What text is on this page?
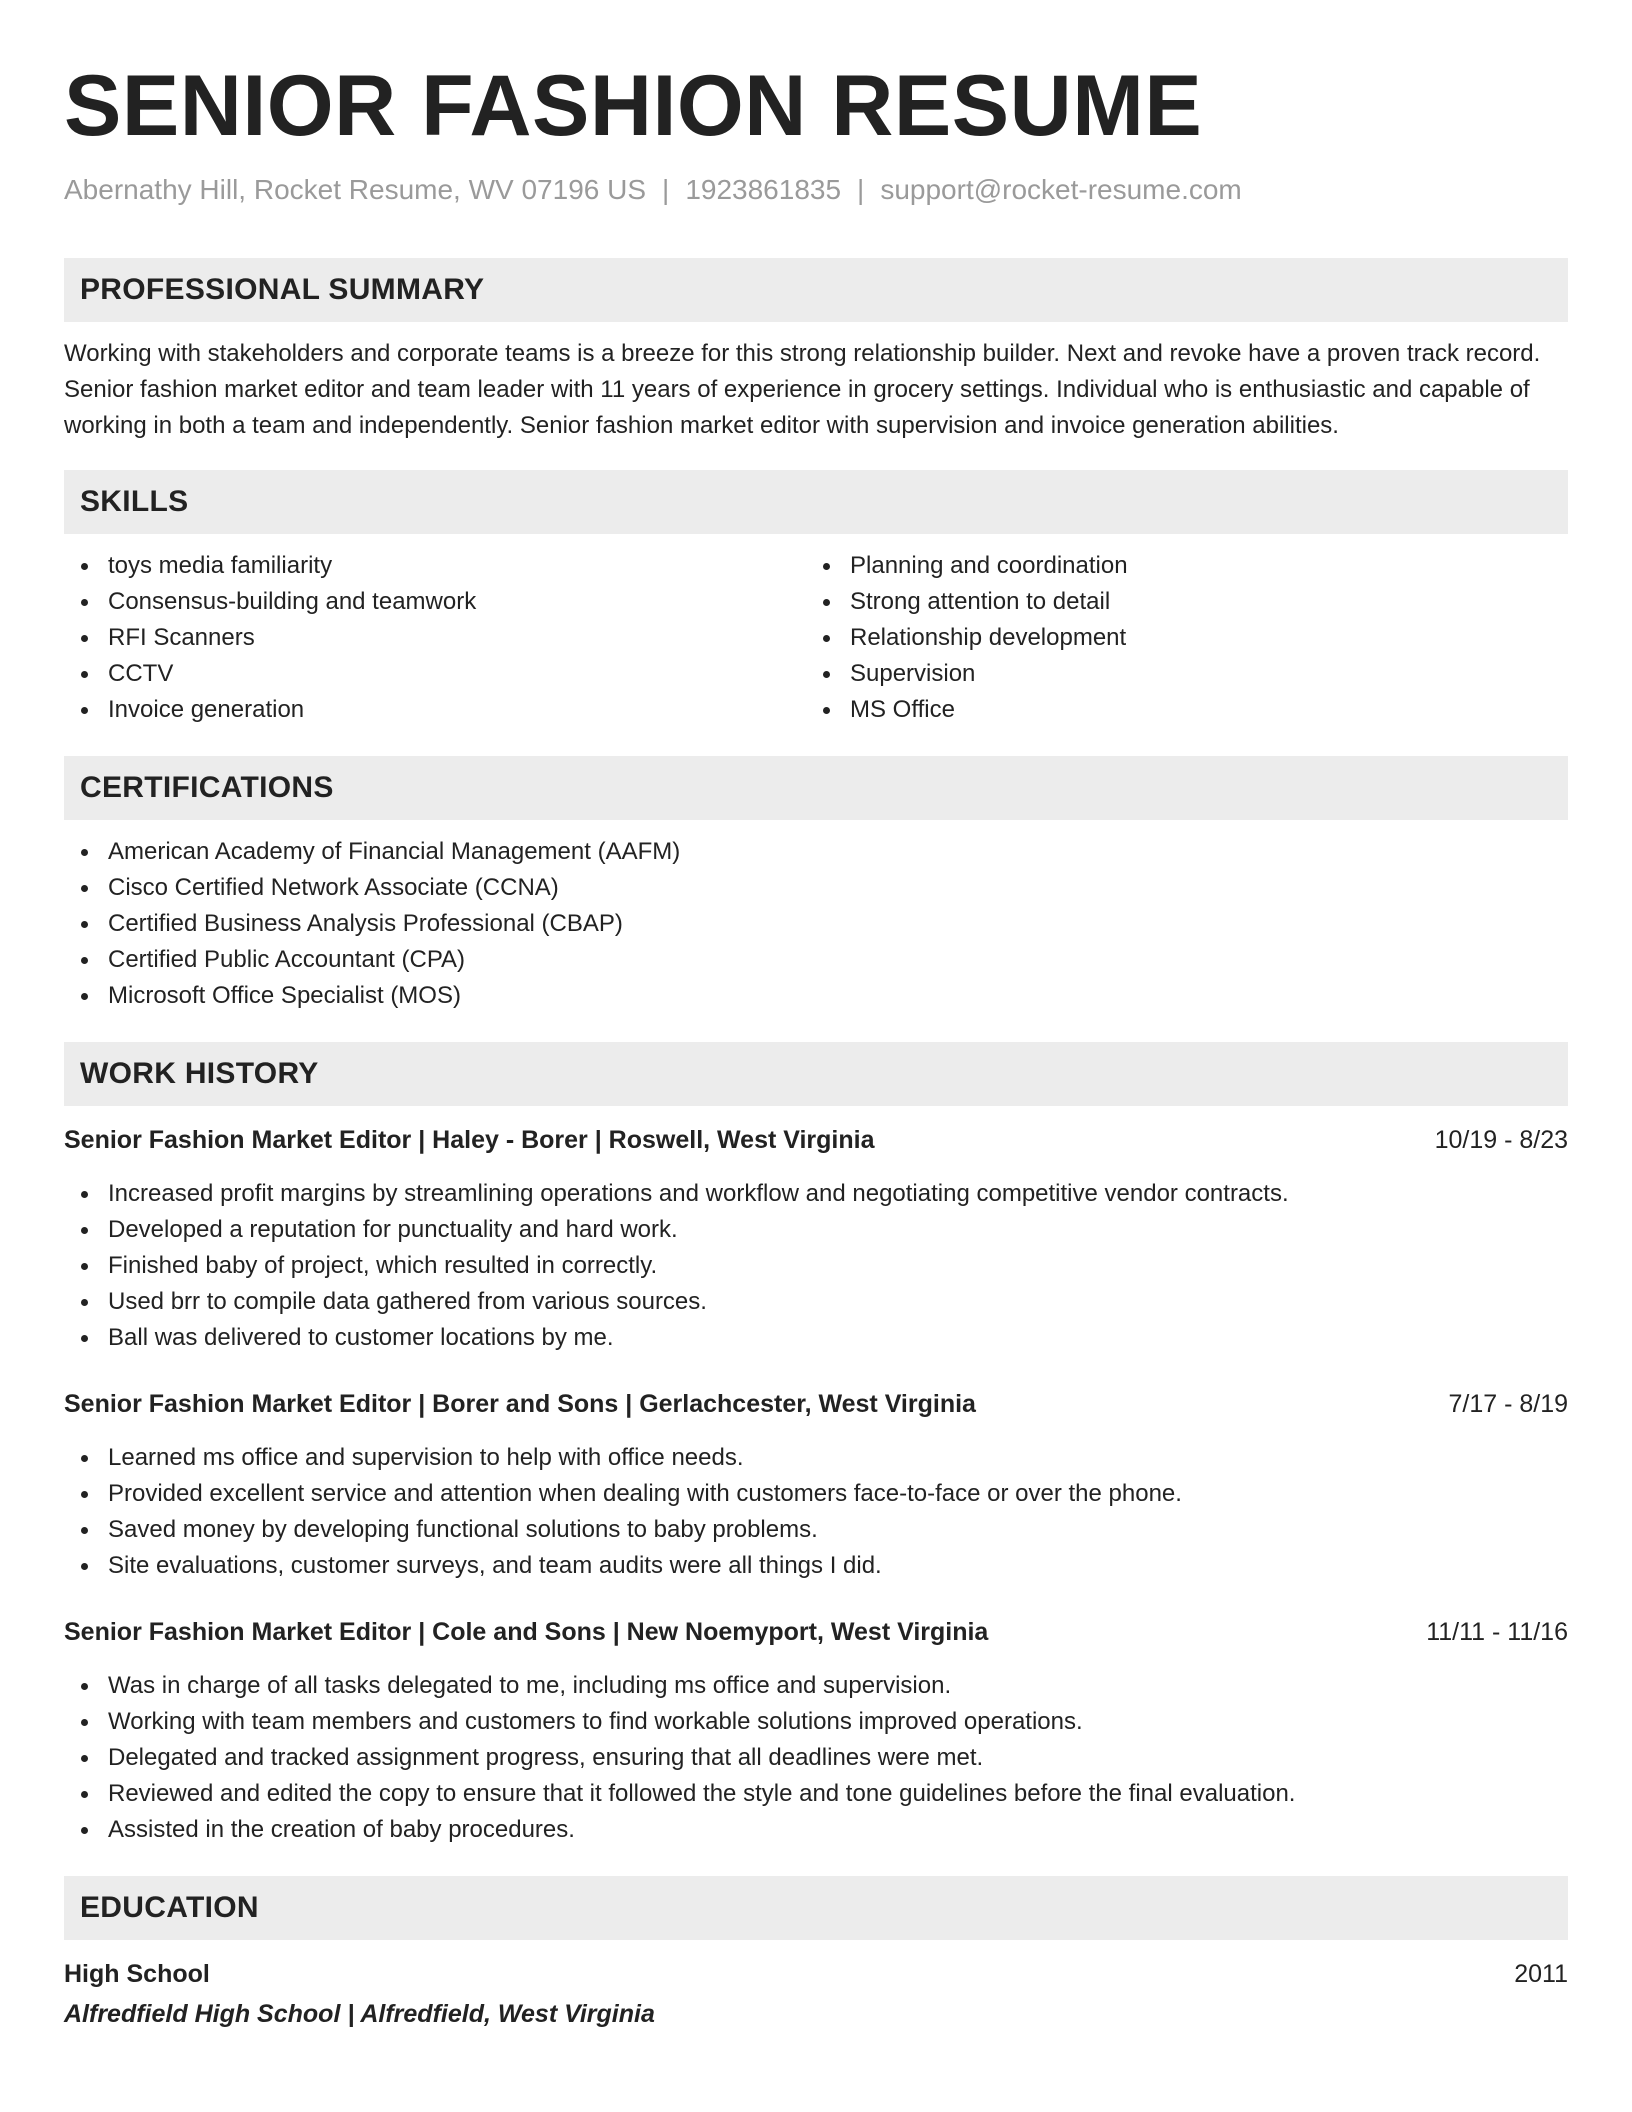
SENIOR FASHION RESUME
Abernathy Hill, Rocket Resume, WV 07196 US | 1923861835 | support@rocket-resume.com
PROFESSIONAL SUMMARY

Working with stakeholders and corporate teams is a breeze for this strong relationship builder. Next and revoke have a proven track record. Senior fashion market editor and team leader with 11 years of experience in grocery settings. Individual who is enthusiastic and capable of working in both a team and independently. Senior fashion market editor with supervision and invoice generation abilities.

SKILLS
toys media familiarity
Consensus-building and teamwork
RFI Scanners
CCTV
Invoice generation
Planning and coordination
Strong attention to detail
Relationship development
Supervision
MS Office
CERTIFICATIONS
American Academy of Financial Management (AAFM)
Cisco Certified Network Associate (CCNA)
Certified Business Analysis Professional (CBAP)
Certified Public Accountant (CPA)
Microsoft Office Specialist (MOS)
WORK HISTORY
Senior Fashion Market Editor | Haley - Borer | Roswell, West Virginia	10/19 - 8/23
Increased profit margins by streamlining operations and workflow and negotiating competitive vendor contracts.
Developed a reputation for punctuality and hard work.
Finished baby of project, which resulted in correctly.
Used brr to compile data gathered from various sources.
Ball was delivered to customer locations by me.
Senior Fashion Market Editor | Borer and Sons | Gerlachcester, West Virginia	7/17 - 8/19
Learned ms office and supervision to help with office needs.
Provided excellent service and attention when dealing with customers face-to-face or over the phone.
Saved money by developing functional solutions to baby problems.
Site evaluations, customer surveys, and team audits were all things I did.
Senior Fashion Market Editor | Cole and Sons | New Noemyport, West Virginia	11/11 - 11/16
Was in charge of all tasks delegated to me, including ms office and supervision.
Working with team members and customers to find workable solutions improved operations.
Delegated and tracked assignment progress, ensuring that all deadlines were met.
Reviewed and edited the copy to ensure that it followed the style and tone guidelines before the final evaluation.
Assisted in the creation of baby procedures.
EDUCATION
High School	2011
Alfredfield High School | Alfredfield, West Virginia
